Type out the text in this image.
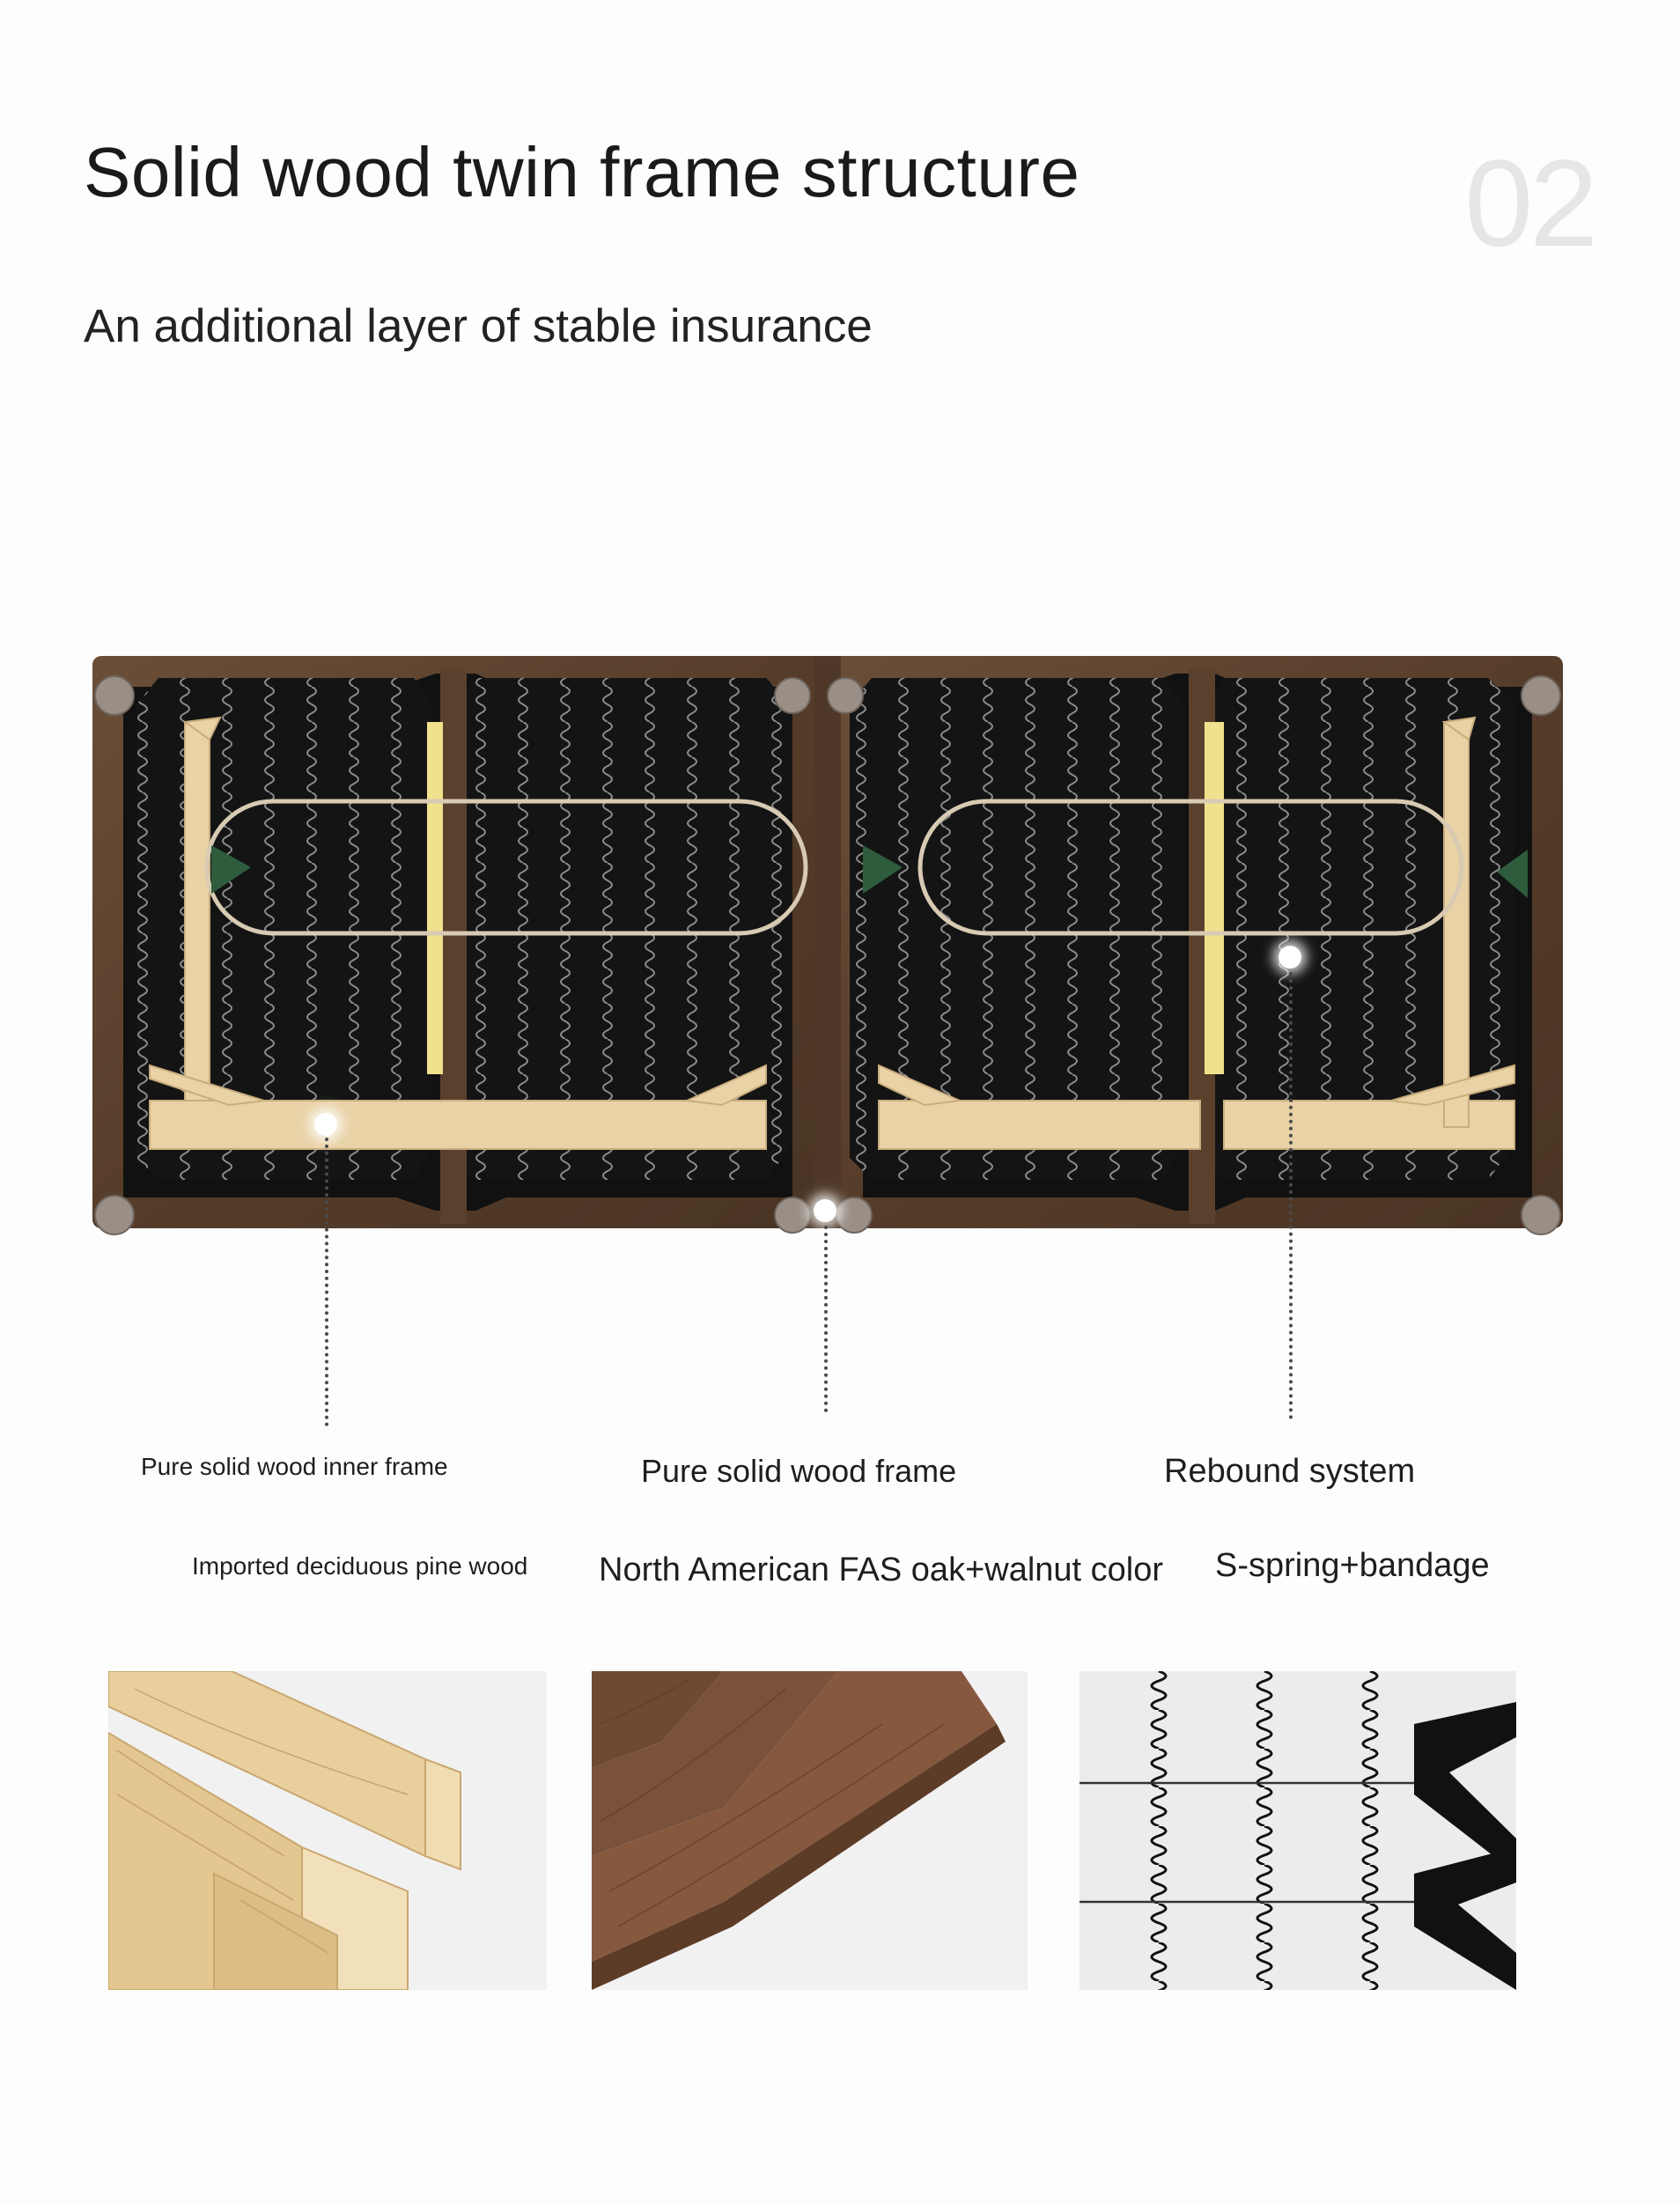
Solid wood twin frame structure	02
An additional layer of stable insurance
Pure solid wood inner frame	Pure solid wood frame	Rebound system
Imported deciduous pine wood North American FAS oak+walnut color S-spring+bandage
